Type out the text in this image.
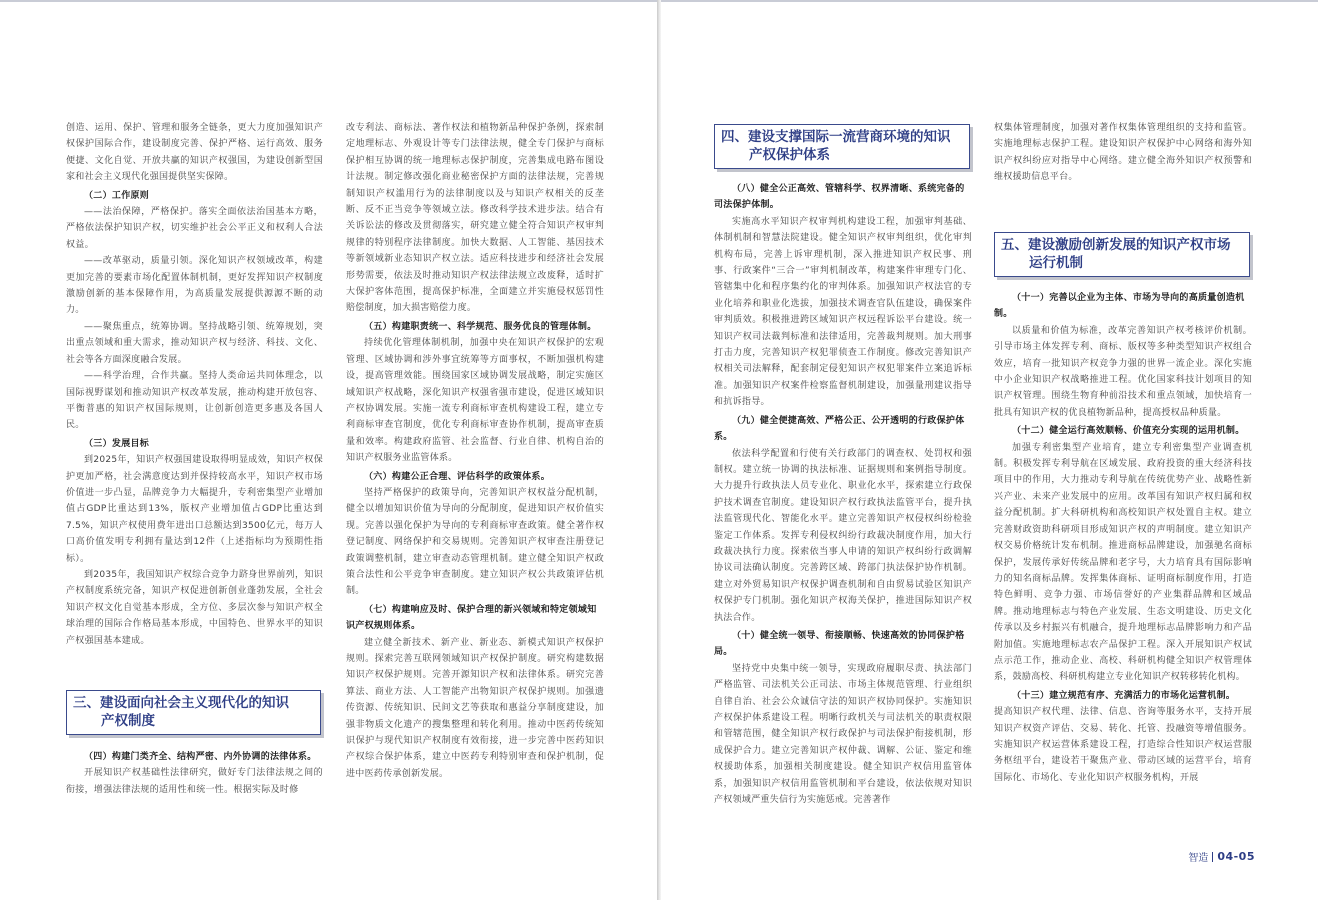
创造、运用、保护、管理和服务全链条，更大力度加强知识产权保护国际合作，建设制度完善、保护严格、运行高效、服务便捷、文化自觉、开放共赢的知识产权强国，为建设创新型国家和社会主义现代化强国提供坚实保障。

（二）工作原则

——法治保障，严格保护。落实全面依法治国基本方略，严格依法保护知识产权，切实维护社会公平正义和权利人合法权益。

——改革驱动，质量引领。深化知识产权领域改革，构建更加完善的要素市场化配置体制机制，更好发挥知识产权制度激励创新的基本保障作用，为高质量发展提供源源不断的动力。

——聚焦重点，统筹协调。坚持战略引领、统筹规划，突出重点领域和重大需求，推动知识产权与经济、科技、文化、社会等各方面深度融合发展。

——科学治理，合作共赢。坚持人类命运共同体理念，以国际视野谋划和推动知识产权改革发展，推动构建开放包容、平衡普惠的知识产权国际规则，让创新创造更多惠及各国人民。

（三）发展目标

到2025年，知识产权强国建设取得明显成效，知识产权保护更加严格，社会满意度达到并保持较高水平，知识产权市场价值进一步凸显，品牌竞争力大幅提升，专利密集型产业增加值占GDP比重达到13%，版权产业增加值占GDP比重达到7.5%，知识产权使用费年进出口总额达到3500亿元，每万人口高价值发明专利拥有量达到12件（上述指标均为预期性指标）。

到2035年，我国知识产权综合竞争力跻身世界前列，知识产权制度系统完备，知识产权促进创新创业蓬勃发展，全社会知识产权文化自觉基本形成，全方位、多层次参与知识产权全球治理的国际合作格局基本形成，中国特色、世界水平的知识产权强国基本建成。

三、建设面向社会主义现代化的知识
产权制度
（四）构建门类齐全、结构严密、内外协调的法律体系。

开展知识产权基础性法律研究，做好专门法律法规之间的衔接，增强法律法规的适用性和统一性。根据实际及时修

改专利法、商标法、著作权法和植物新品种保护条例，探索制定地理标志、外观设计等专门法律法规，健全专门保护与商标保护相互协调的统一地理标志保护制度，完善集成电路布图设计法规。制定修改强化商业秘密保护方面的法律法规，完善规制知识产权滥用行为的法律制度以及与知识产权相关的反垄断、反不正当竞争等领域立法。修改科学技术进步法。结合有关诉讼法的修改及贯彻落实，研究建立健全符合知识产权审判规律的特别程序法律制度。加快大数据、人工智能、基因技术等新领域新业态知识产权立法。适应科技进步和经济社会发展形势需要，依法及时推动知识产权法律法规立改废释，适时扩大保护客体范围，提高保护标准，全面建立并实施侵权惩罚性赔偿制度，加大损害赔偿力度。

（五）构建职责统一、科学规范、服务优良的管理体制。

持续优化管理体制机制，加强中央在知识产权保护的宏观管理、区域协调和涉外事宜统筹等方面事权，不断加强机构建设，提高管理效能。围绕国家区域协调发展战略，制定实施区域知识产权战略，深化知识产权强省强市建设，促进区域知识产权协调发展。实施一流专利商标审查机构建设工程，建立专利商标审查官制度，优化专利商标审查协作机制，提高审查质量和效率。构建政府监管、社会监督、行业自律、机构自治的知识产权服务业监管体系。

（六）构建公正合理、评估科学的政策体系。

坚持严格保护的政策导向，完善知识产权权益分配机制，健全以增加知识价值为导向的分配制度，促进知识产权价值实现。完善以强化保护为导向的专利商标审查政策。健全著作权登记制度、网络保护和交易规则。完善知识产权审查注册登记政策调整机制，建立审查动态管理机制。建立健全知识产权政策合法性和公平竞争审查制度。建立知识产权公共政策评估机制。

（七）构建响应及时、保护合理的新兴领域和特定领域知识产权规则体系。

建立健全新技术、新产业、新业态、新模式知识产权保护规则。探索完善互联网领域知识产权保护制度。研究构建数据知识产权保护规则。完善开源知识产权和法律体系。研究完善算法、商业方法、人工智能产出物知识产权保护规则。加强遗传资源、传统知识、民间文艺等获取和惠益分享制度建设，加强非物质文化遗产的搜集整理和转化利用。推动中医药传统知识保护与现代知识产权制度有效衔接，进一步完善中医药知识产权综合保护体系，建立中医药专利特别审查和保护机制，促进中医药传承创新发展。

四、建设支撑国际一流营商环境的知识
产权保护体系
（八）健全公正高效、管辖科学、权界清晰、系统完备的司法保护体制。

实施高水平知识产权审判机构建设工程，加强审判基础、体制机制和智慧法院建设。健全知识产权审判组织，优化审判机构布局，完善上诉审理机制，深入推进知识产权民事、刑事、行政案件“三合一”审判机制改革，构建案件审理专门化、管辖集中化和程序集约化的审判体系。加强知识产权法官的专业化培养和职业化选拔，加强技术调查官队伍建设，确保案件审判质效。积极推进跨区域知识产权远程诉讼平台建设。统一知识产权司法裁判标准和法律适用，完善裁判规则。加大刑事打击力度，完善知识产权犯罪侦查工作制度。修改完善知识产权相关司法解释，配套制定侵犯知识产权犯罪案件立案追诉标准。加强知识产权案件检察监督机制建设，加强量刑建议指导和抗诉指导。

（九）健全便捷高效、严格公正、公开透明的行政保护体系。

依法科学配置和行使有关行政部门的调查权、处罚权和强制权。建立统一协调的执法标准、证据规则和案例指导制度。大力提升行政执法人员专业化、职业化水平，探索建立行政保护技术调查官制度。建设知识产权行政执法监管平台，提升执法监管现代化、智能化水平。建立完善知识产权侵权纠纷检验鉴定工作体系。发挥专利侵权纠纷行政裁决制度作用，加大行政裁决执行力度。探索依当事人申请的知识产权纠纷行政调解协议司法确认制度。完善跨区域、跨部门执法保护协作机制。建立对外贸易知识产权保护调查机制和自由贸易试验区知识产权保护专门机制。强化知识产权海关保护，推进国际知识产权执法合作。

（十）健全统一领导、衔接顺畅、快速高效的协同保护格局。

坚持党中央集中统一领导，实现政府履职尽责、执法部门严格监管、司法机关公正司法、市场主体规范管理、行业组织自律自治、社会公众诚信守法的知识产权协同保护。实施知识产权保护体系建设工程。明晰行政机关与司法机关的职责权限和管辖范围，健全知识产权行政保护与司法保护衔接机制，形成保护合力。建立完善知识产权仲裁、调解、公证、鉴定和维权援助体系，加强相关制度建设。健全知识产权信用监管体系，加强知识产权信用监管机制和平台建设，依法依规对知识产权领域严重失信行为实施惩戒。完善著作

权集体管理制度，加强对著作权集体管理组织的支持和监管。实施地理标志保护工程。建设知识产权保护中心网络和海外知识产权纠纷应对指导中心网络。建立健全海外知识产权预警和维权援助信息平台。

五、建设激励创新发展的知识产权市场
运行机制
（十一）完善以企业为主体、市场为导向的高质量创造机制。

以质量和价值为标准，改革完善知识产权考核评价机制。引导市场主体发挥专利、商标、版权等多种类型知识产权组合效应，培育一批知识产权竞争力强的世界一流企业。深化实施中小企业知识产权战略推进工程。优化国家科技计划项目的知识产权管理。围绕生物育种前沿技术和重点领域，加快培育一批具有知识产权的优良植物新品种，提高授权品种质量。

（十二）健全运行高效顺畅、价值充分实现的运用机制。

加强专利密集型产业培育，建立专利密集型产业调查机制。积极发挥专利导航在区域发展、政府投资的重大经济科技项目中的作用，大力推动专利导航在传统优势产业、战略性新兴产业、未来产业发展中的应用。改革国有知识产权归属和权益分配机制。扩大科研机构和高校知识产权处置自主权。建立完善财政资助科研项目形成知识产权的声明制度。建立知识产权交易价格统计发布机制。推进商标品牌建设，加强驰名商标保护，发展传承好传统品牌和老字号，大力培育具有国际影响力的知名商标品牌。发挥集体商标、证明商标制度作用，打造特色鲜明、竞争力强、市场信誉好的产业集群品牌和区域品牌。推动地理标志与特色产业发展、生态文明建设、历史文化传承以及乡村振兴有机融合，提升地理标志品牌影响力和产品附加值。实施地理标志农产品保护工程。深入开展知识产权试点示范工作，推动企业、高校、科研机构健全知识产权管理体系，鼓励高校、科研机构建立专业化知识产权转移转化机构。

（十三）建立规范有序、充满活力的市场化运营机制。

提高知识产权代理、法律、信息、咨询等服务水平，支持开展知识产权资产评估、交易、转化、托管、投融资等增值服务。实施知识产权运营体系建设工程，打造综合性知识产权运营服务枢纽平台，建设若干聚焦产业、带动区域的运营平台，培育国际化、市场化、专业化知识产权服务机构，开展

智造 04-05
